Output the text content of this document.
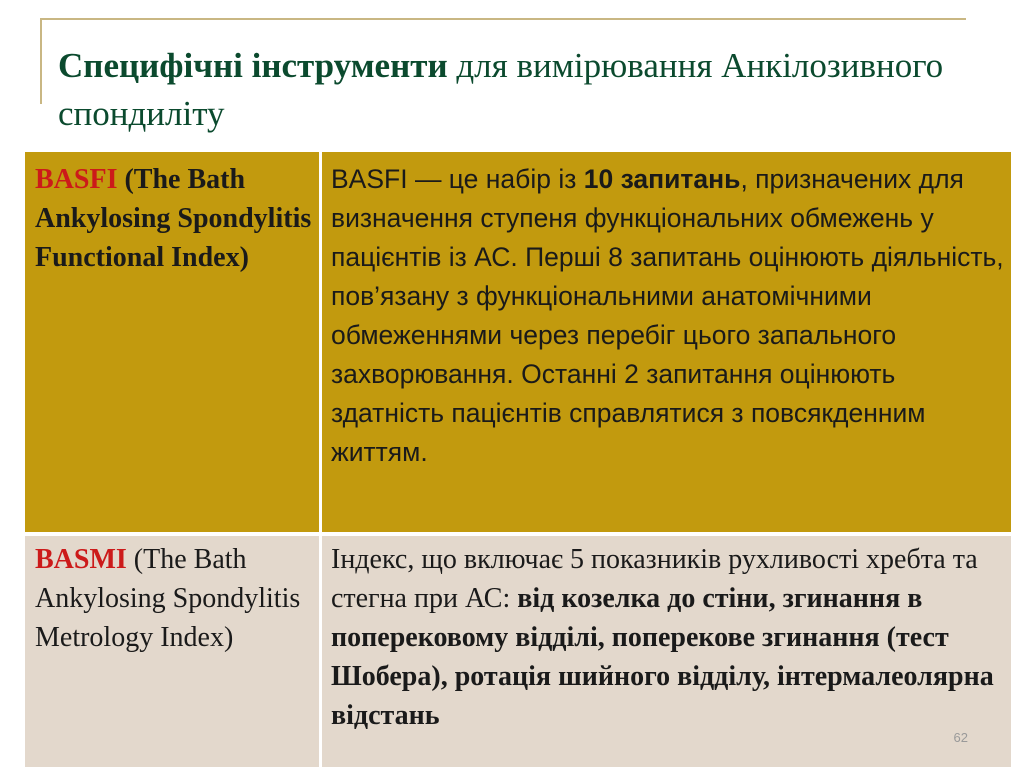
Специфічні інструменти для вимірювання Анкілозивного спондиліту
BASFI (The Bath Ankylosing Spondylitis Functional Index)
BASFI — це набір із 10 запитань, призначених для визначення ступеня функціональних обмежень у пацієнтів із АС. Перші 8 запитань оцінюють діяльність, пов’язану з функціональними анатомічними обмеженнями через перебіг цього запального захворювання. Останні 2 запитання оцінюють здатність пацієнтів справлятися з повсякденним життям.
BASMI (The Bath Ankylosing Spondylitis Metrology Index)
Індекс, що включає 5 показників рухливості хребта та стегна при АС: від козелка до стіни, згинання в поперековому відділі, поперекове згинання (тест Шобера), ротація шийного відділу, інтермалеолярна відстань
62
